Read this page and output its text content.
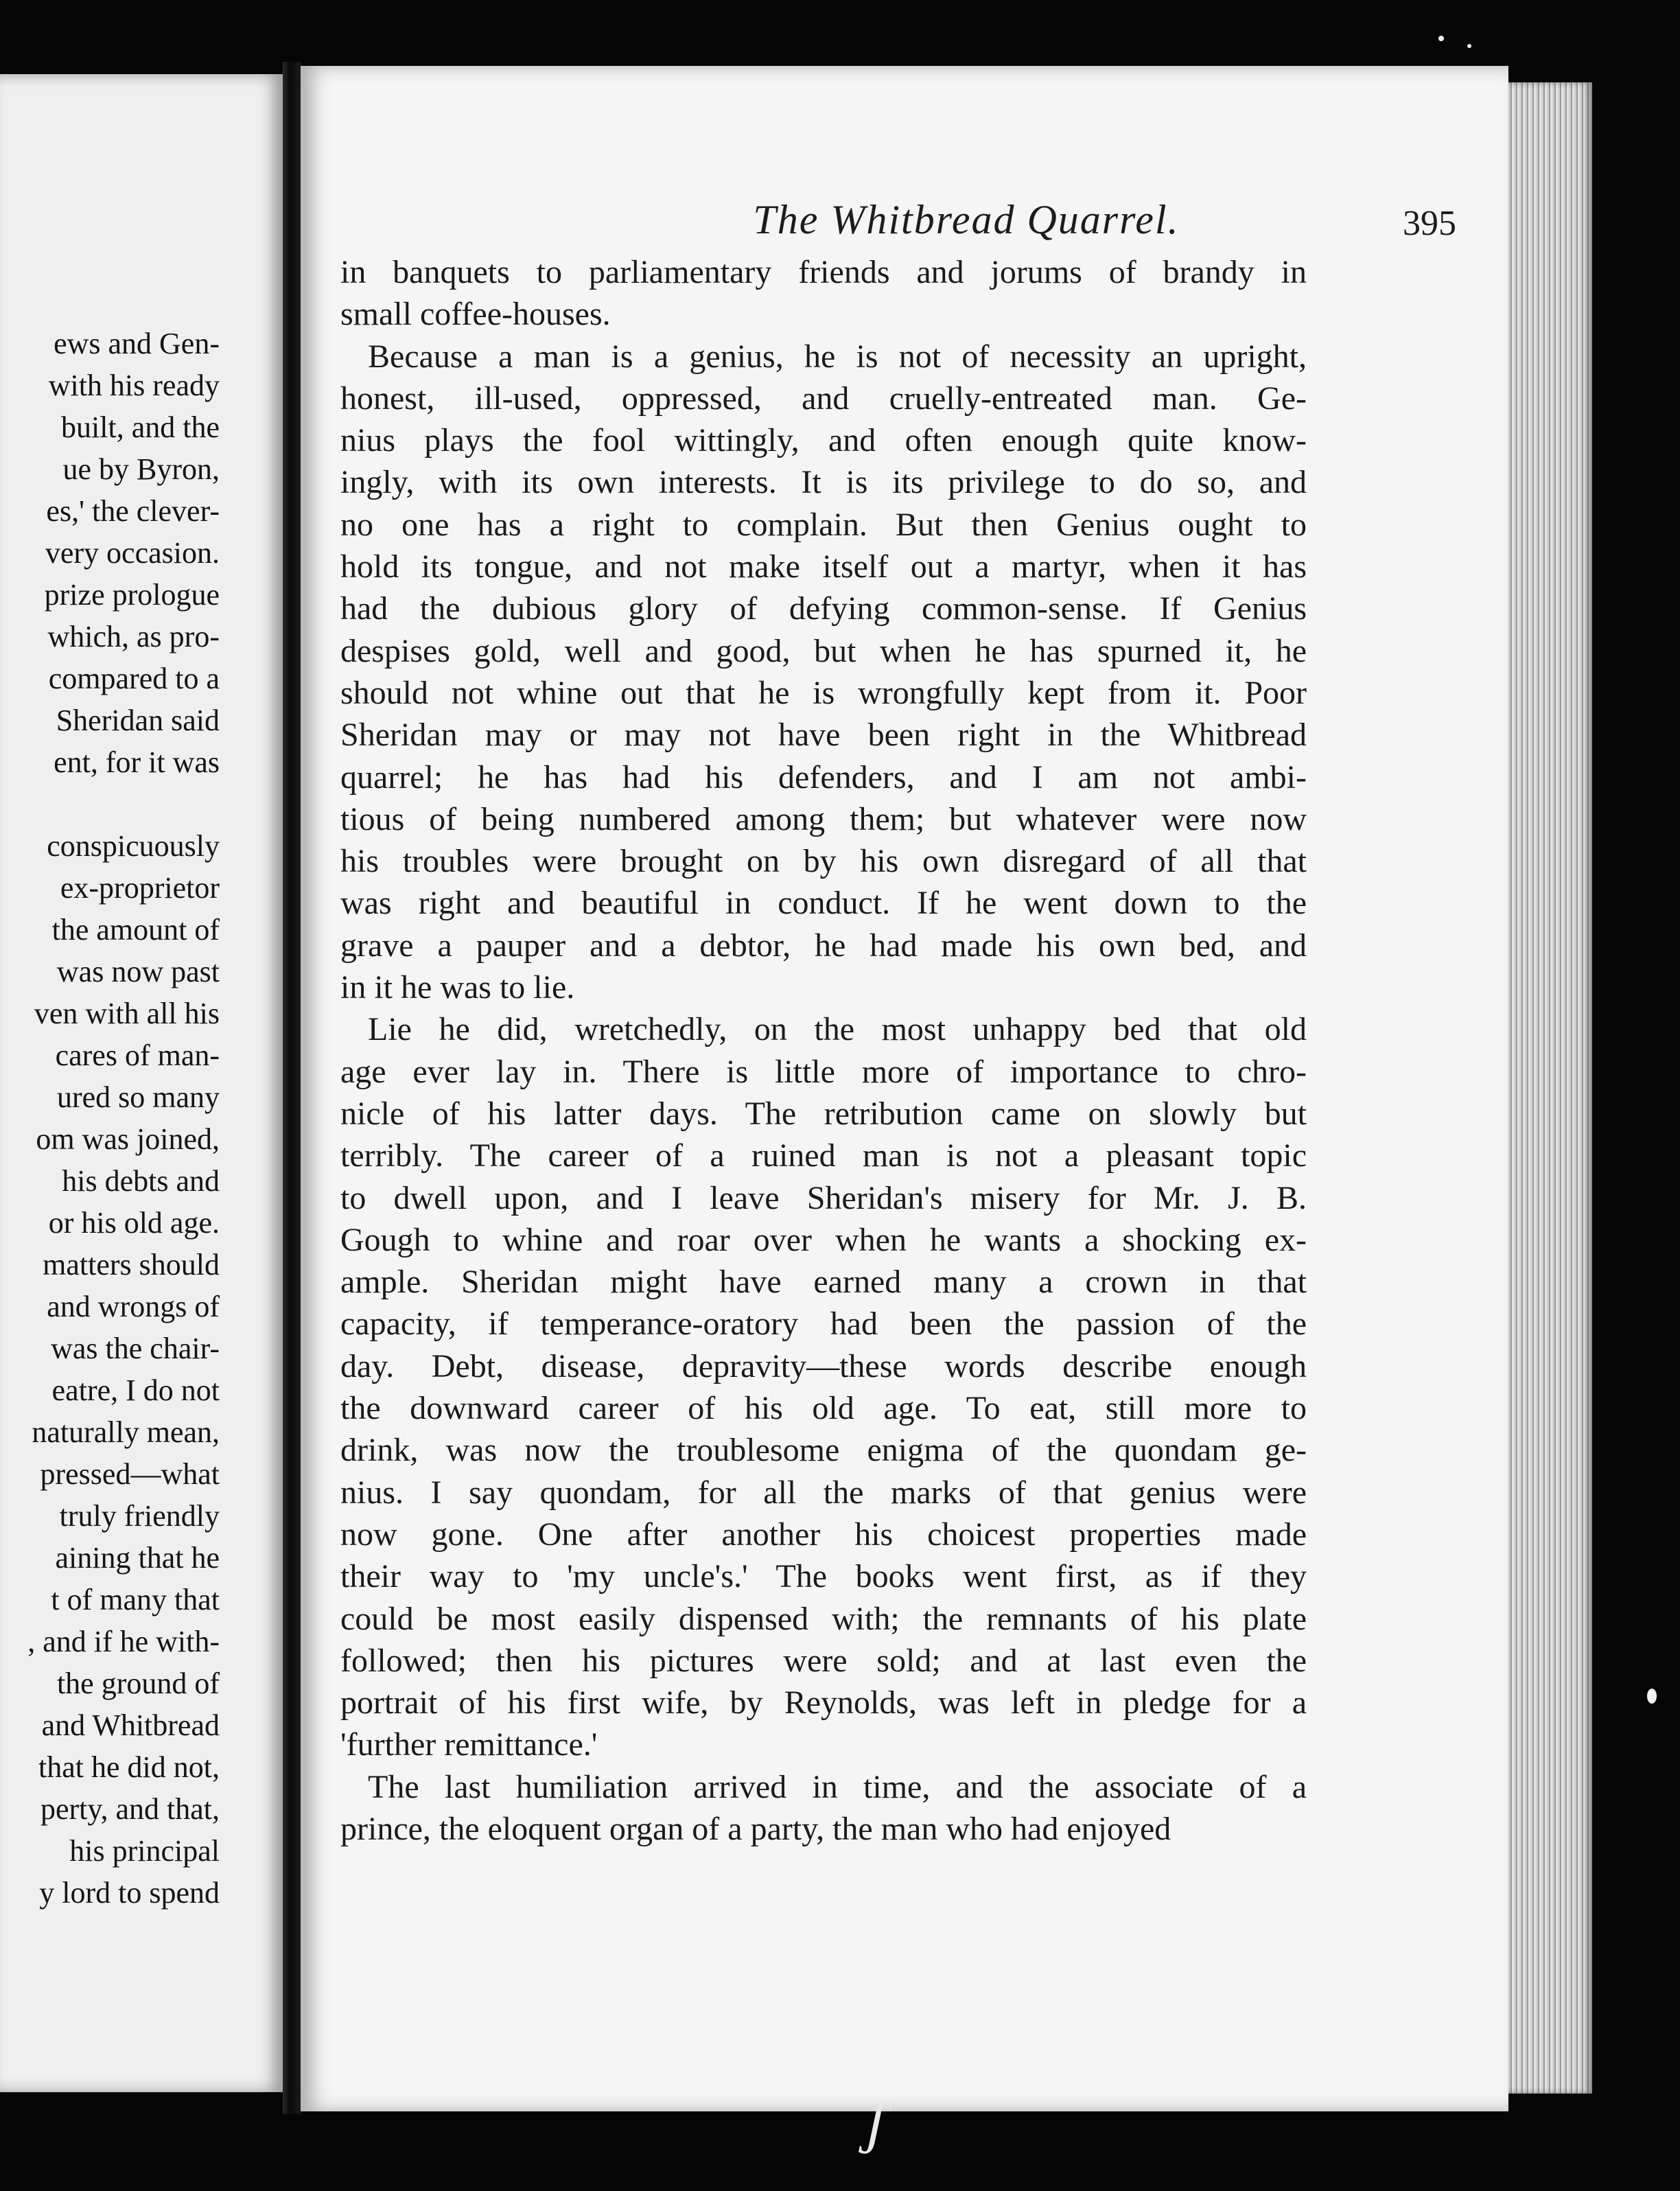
ews and Gen-
with his ready
built, and the
ue by Byron,
es,' the clever-
very occasion.
prize prologue
which, as pro-
compared to a
Sheridan said
ent, for it was

conspicuously
ex-proprietor
the amount of
was now past
ven with all his
cares of man-
ured so many
om was joined,
his debts and
or his old age.
matters should
and wrongs of
was the chair-
eatre, I do not
naturally mean,
pressed—what
truly friendly
aining that he
t of many that
, and if he with-
the ground of
and Whitbread
that he did not,
perty, and that,
his principal
y lord to spend
The Whitbread Quarrel.	395
in banquets to parliamentary friends and jorums of brandy in
small coffee-houses.
Because a man is a genius, he is not of necessity an upright,
honest, ill-used, oppressed, and cruelly-entreated man. Ge-
nius plays the fool wittingly, and often enough quite know-
ingly, with its own interests. It is its privilege to do so, and
no one has a right to complain. But then Genius ought to
hold its tongue, and not make itself out a martyr, when it has
had the dubious glory of defying common-sense. If Genius
despises gold, well and good, but when he has spurned it, he
should not whine out that he is wrongfully kept from it. Poor
Sheridan may or may not have been right in the Whitbread
quarrel; he has had his defenders, and I am not ambi-
tious of being numbered among them; but whatever were now
his troubles were brought on by his own disregard of all that
was right and beautiful in conduct. If he went down to the
grave a pauper and a debtor, he had made his own bed, and
in it he was to lie.
Lie he did, wretchedly, on the most unhappy bed that old
age ever lay in. There is little more of importance to chro-
nicle of his latter days. The retribution came on slowly but
terribly. The career of a ruined man is not a pleasant topic
to dwell upon, and I leave Sheridan's misery for Mr. J. B.
Gough to whine and roar over when he wants a shocking ex-
ample. Sheridan might have earned many a crown in that
capacity, if temperance-oratory had been the passion of the
day. Debt, disease, depravity—these words describe enough
the downward career of his old age. To eat, still more to
drink, was now the troublesome enigma of the quondam ge-
nius. I say quondam, for all the marks of that genius were
now gone. One after another his choicest properties made
their way to 'my uncle's.' The books went first, as if they
could be most easily dispensed with; the remnants of his plate
followed; then his pictures were sold; and at last even the
portrait of his first wife, by Reynolds, was left in pledge for a
'further remittance.'
The last humiliation arrived in time, and the associate of a
prince, the eloquent organ of a party, the man who had enjoyed
ʃ
